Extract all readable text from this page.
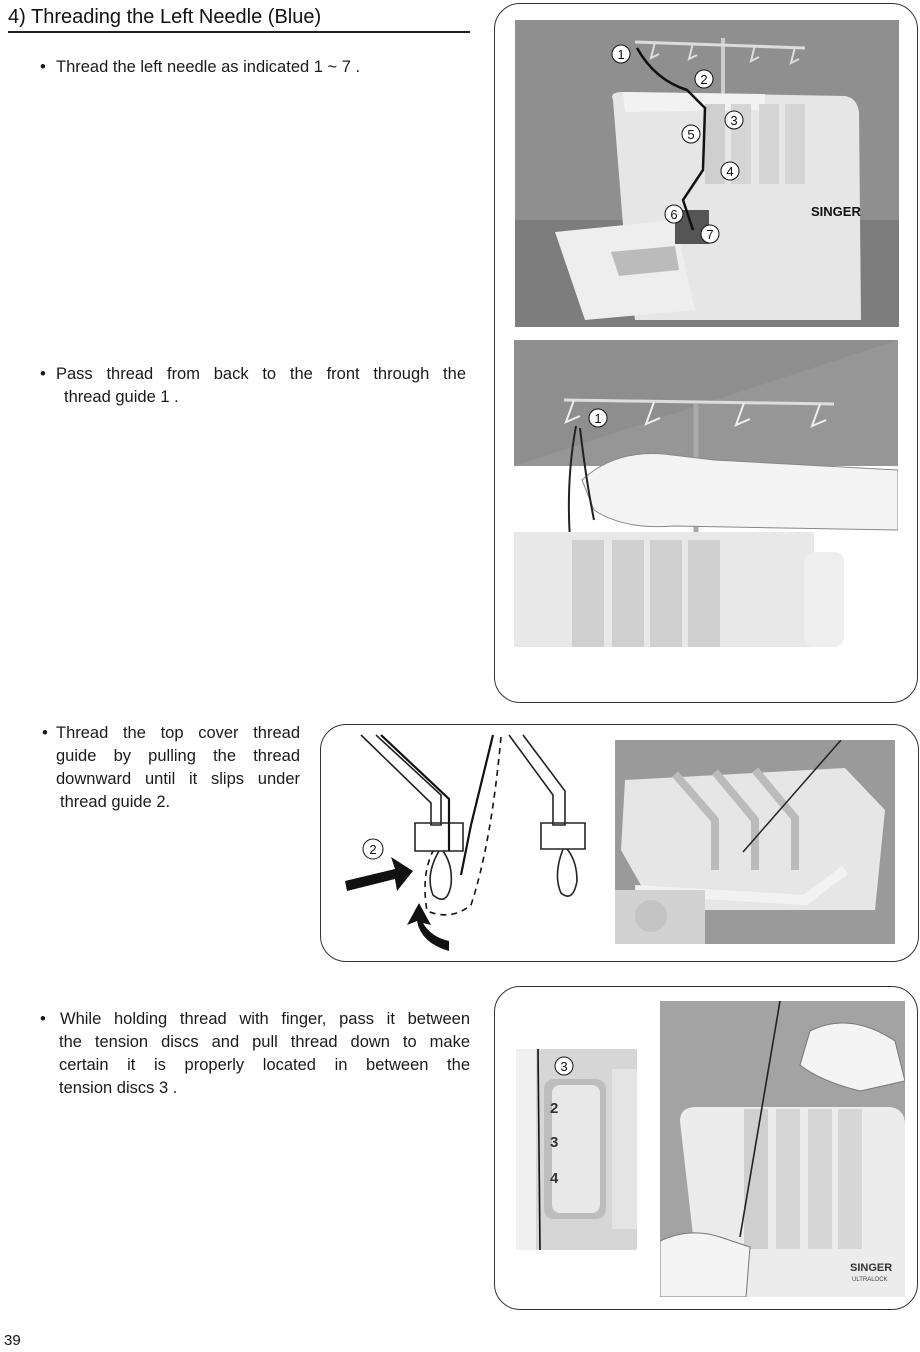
4) Threading the Left Needle (Blue)
• Thread the left needle as indicated 1 ~ 7 .
• Pass thread from back to the front through the
thread guide 1 .
• Thread the top cover thread
guide by pulling the thread
downward until it slips under
thread guide 2.
• While holding thread with finger, pass it between
the tension discs and pull thread down to make
certain it is properly located in between the
tension discs 3 .
SINGER
1
2
3
4
5
6
7
1
2
2
3
4
3
SINGER
ULTRALOCK
39
